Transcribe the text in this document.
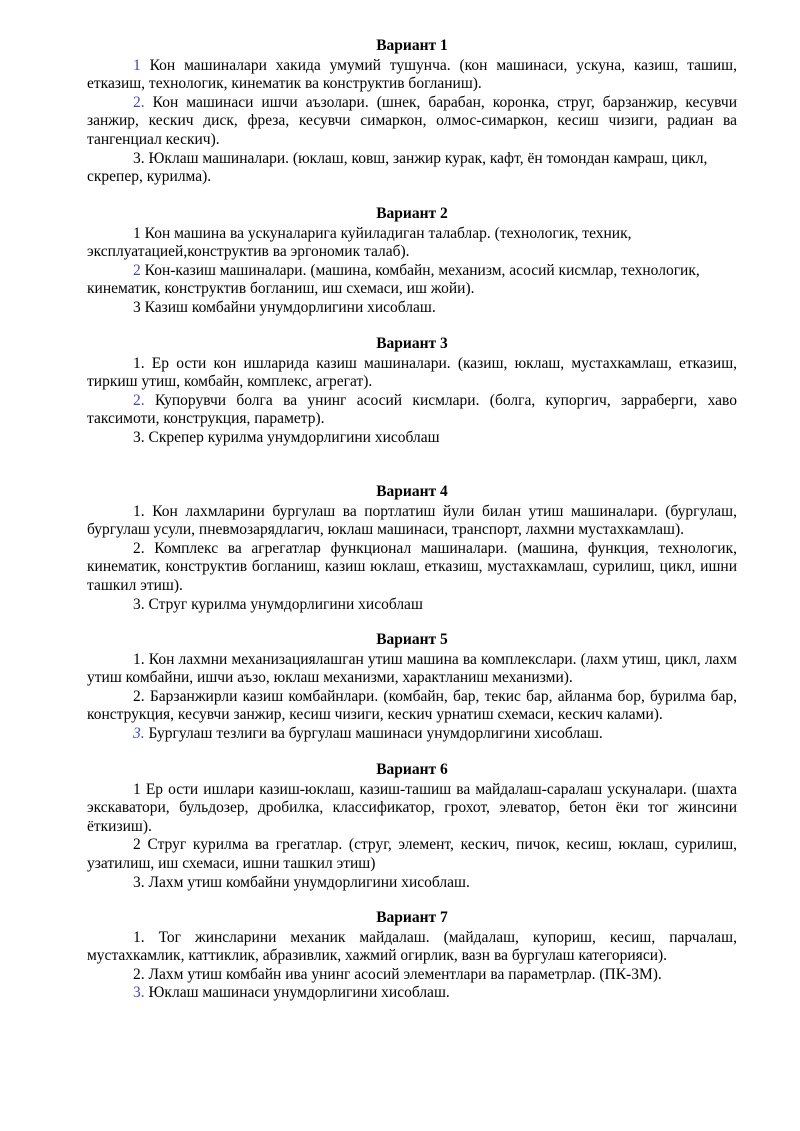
Вариант 1

1 Кон машиналари хакида умумий тушунча. (кон машинаси, ускуна, казиш, ташиш, етказиш, технологик, кинематик ва конструктив богланиш).

2. Кон машинаси ишчи аъзолари. (шнек, барабан, коронка, струг, барзанжир, кесувчи занжир, кескич диск, фреза, кесувчи симаркон, олмос-симаркон, кесиш чизиги, радиан ва тангенциал кескич).

3. Юклаш машиналари. (юклаш, ковш, занжир курак, кафт, ён томондан камраш, цикл, скрепер, курилма).

Вариант 2

1 Кон машина ва ускуналарига куйиладиган талаблар. (технологик, техник, эксплуатацией,конструктив ва эргономик талаб).

2 Кон-казиш машиналари. (машина, комбайн, механизм, асосий кисмлар, технологик, кинематик, конструктив богланиш, иш схемаси, иш жойи).

3 Казиш комбайни унумдорлигини хисоблаш.

Вариант 3

1. Ер ости кон ишларида казиш машиналари. (казиш, юклаш, мустахкамлаш, етказиш, тиркиш утиш, комбайн, комплекс, агрегат).

2. Купорувчи болга ва унинг асосий кисмлари. (болга, купоргич, зарраберги, хаво таксимоти, конструкция, параметр).

3. Скрепер курилма унумдорлигини хисоблаш

Вариант 4

1. Кон лахмларини бургулаш ва портлатиш йули билан утиш машиналари. (бургулаш, бургулаш усули, пневмозарядлагич, юклаш машинаси, транспорт, лахмни мустахкамлаш).

2. Комплекс ва агрегатлар функционал машиналари. (машина, функция, технологик, кинематик, конструктив богланиш, казиш юклаш, етказиш, мустахкамлаш, сурилиш, цикл, ишни ташкил этиш).

3. Струг курилма унумдорлигини хисоблаш

Вариант 5

1. Кон лахмни механизациялашган утиш машина ва комплекслари. (лахм утиш, цикл, лахм утиш комбайни, ишчи аъзо, юклаш механизми, характланиш механизми).

2. Барзанжирли казиш комбайнлари. (комбайн, бар, текис бар, айланма бор, бурилма бар, конструкция, кесувчи занжир, кесиш чизиги, кескич урнатиш схемаси, кескич калами).

3. Бургулаш тезлиги ва бургулаш машинаси унумдорлигини хисоблаш.

Вариант 6

1 Ер ости ишлари казиш-юклаш, казиш-ташиш ва майдалаш-саралаш ускуналари. (шахта экскаватори, бульдозер, дробилка, классификатор, грохот, элеватор, бетон ёки тог жинсини ёткизиш).

2 Струг курилма ва грегатлар. (струг, элемент, кескич, пичок, кесиш, юклаш, сурилиш, узатилиш, иш схемаси, ишни ташкил этиш)

3. Лахм утиш комбайни унумдорлигини хисоблаш.

Вариант 7

1. Тог жинсларини механик майдалаш. (майдалаш, купориш, кесиш, парчалаш, мустахкамлик, каттиклик, абразивлик, хажмий огирлик, вазн ва бургулаш категорияси).

2. Лахм утиш комбайн ива унинг асосий элементлари ва параметрлар. (ПК-3М).

3. Юклаш машинаси унумдорлигини хисоблаш.
